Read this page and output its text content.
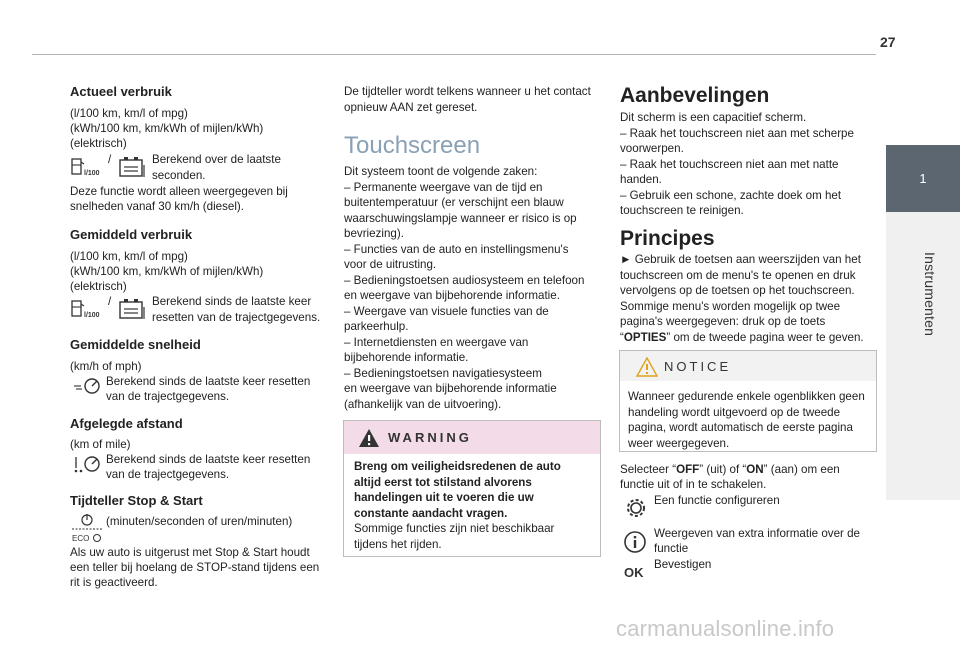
27
1
Instrumenten
Actueel verbruik
(l/100 km, km/l of mpg)
(kWh/100 km, km/kWh of mijlen/kWh)
(elektrisch)
l/100
/	Berekend over de laatste
seconden.
Deze functie wordt alleen weergegeven bij
snelheden vanaf 30 km/h (diesel).
Gemiddeld verbruik
(l/100 km, km/l of mpg)
(kWh/100 km, km/kWh of mijlen/kWh)
(elektrisch)
l/100
/	Berekend sinds de laatste keer
resetten van de trajectgegevens.
Gemiddelde snelheid
(km/h of mph)
Berekend sinds de laatste keer resetten
van de trajectgegevens.
Afgelegde afstand
(km of mile)
Berekend sinds de laatste keer resetten
van de trajectgegevens.
Tijdteller Stop & Start
ECO
(minuten/seconden of uren/minuten)
Als uw auto is uitgerust met Stop & Start houdt
een teller bij hoelang de STOP-stand tijdens een
rit is geactiveerd.
De tijdteller wordt telkens wanneer u het contact
opnieuw AAN zet gereset.
Touchscreen
Dit systeem toont de volgende zaken:
– Permanente weergave van de tijd en
buitentemperatuur (er verschijnt een blauw
waarschuwingslampje wanneer er risico is op
bevriezing).
– Functies van de auto en instellingsmenu's
voor de uitrusting.
– Bedieningstoetsen audiosysteem en telefoon
en weergave van bijbehorende informatie.
– Weergave van visuele functies van de
parkeerhulp.
– Internetdiensten en weergave van
bijbehorende informatie.
– Bedieningstoetsen navigatiesysteem
en weergave van bijbehorende informatie
(afhankelijk van de uitvoering).
WARNING
Breng om veiligheidsredenen de auto
altijd eerst tot stilstand alvorens
handelingen uit te voeren die uw
constante aandacht vragen.
Sommige functies zijn niet beschikbaar
tijdens het rijden.
Aanbevelingen
Dit scherm is een capacitief scherm.
– Raak het touchscreen niet aan met scherpe
voorwerpen.
– Raak het touchscreen niet aan met natte
handen.
– Gebruik een schone, zachte doek om het
touchscreen te reinigen.
Principes
► Gebruik de toetsen aan weerszijden van het
touchscreen om de menu's te openen en druk
vervolgens op de toetsen op het touchscreen.
Sommige menu's worden mogelijk op twee
pagina's weergegeven: druk op de toets
“OPTIES” om de tweede pagina weer te geven.
NOTICE
Wanneer gedurende enkele ogenblikken geen
handeling wordt uitgevoerd op de tweede
pagina, wordt automatisch de eerste pagina
weer weergegeven.
Selecteer “OFF” (uit) of “ON” (aan) om een
functie uit of in te schakelen.
Een functie configureren
Weergeven van extra informatie over de
functie
OK
Bevestigen
carmanualsonline.info
